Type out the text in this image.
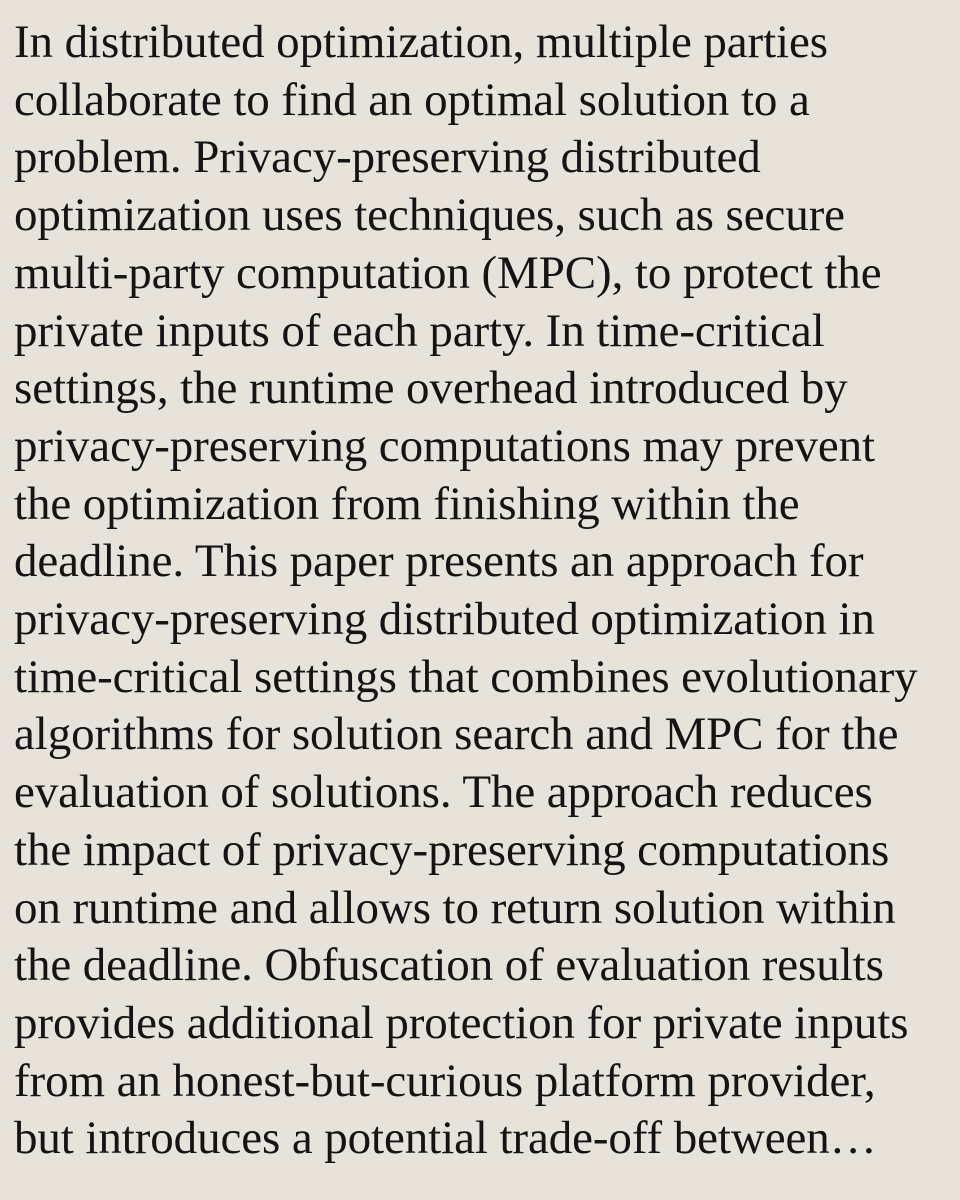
In distributed optimization, multiple parties
collaborate to find an optimal solution to a
problem. Privacy-preserving distributed
optimization uses techniques, such as secure
multi-party computation (MPC), to protect the
private inputs of each party. In time-critical
settings, the runtime overhead introduced by
privacy-preserving computations may prevent
the optimization from finishing within the
deadline. This paper presents an approach for
privacy-preserving distributed optimization in
time-critical settings that combines evolutionary
algorithms for solution search and MPC for the
evaluation of solutions. The approach reduces
the impact of privacy-preserving computations
on runtime and allows to return solution within
the deadline. Obfuscation of evaluation results
provides additional protection for private inputs
from an honest-but-curious platform provider,
but introduces a potential trade-off between…
